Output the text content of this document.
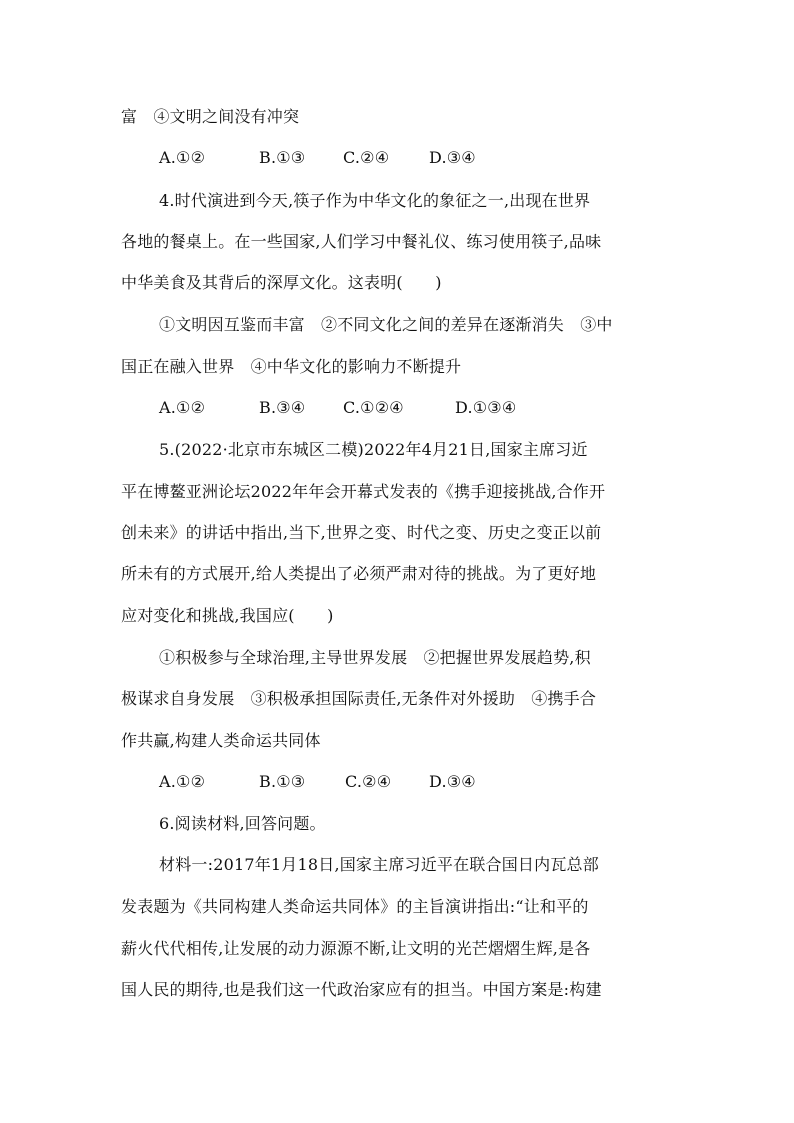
富　④文明之间没有冲突
A.①②	B.①③ C.②④ D.③④
4.时代演进到今天,筷子作为中华文化的象征之一,出现在世界
各地的餐桌上。在一些国家,人们学习中餐礼仪、练习使用筷子,品味
中华美食及其背后的深厚文化。这表明(　　)
①文明因互鉴而丰富　②不同文化之间的差异在逐渐消失　③中
国正在融入世界　④中华文化的影响力不断提升
A.①②	B.③④ C.①②④	D.①③④
5.(2022·北京市东城区二模)2022年4月21日,国家主席习近
平在博鳌亚洲论坛2022年年会开幕式发表的《携手迎接挑战,合作开
创未来》的讲话中指出,当下,世界之变、时代之变、历史之变正以前
所未有的方式展开,给人类提出了必须严肃对待的挑战。为了更好地
应对变化和挑战,我国应(　　)
①积极参与全球治理,主导世界发展　②把握世界发展趋势,积
极谋求自身发展　③积极承担国际责任,无条件对外援助　④携手合
作共赢,构建人类命运共同体
A.①②	B.①③ C.②④ D.③④
6.阅读材料,回答问题。
材料一:2017年1月18日,国家主席习近平在联合国日内瓦总部
发表题为《共同构建人类命运共同体》的主旨演讲指出:“让和平的
薪火代代相传,让发展的动力源源不断,让文明的光芒熠熠生辉,是各
国人民的期待,也是我们这一代政治家应有的担当。中国方案是:构建
